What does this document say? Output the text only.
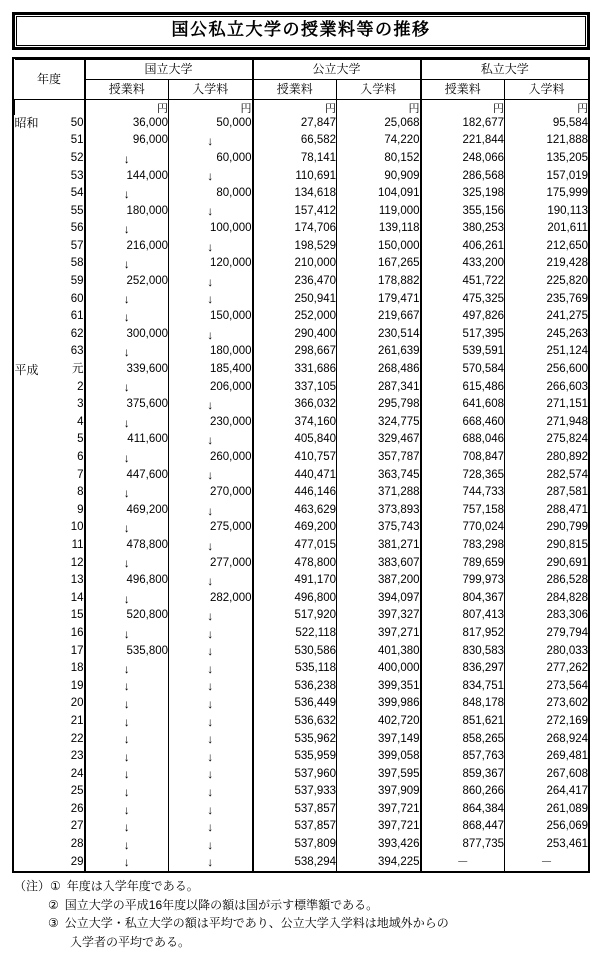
国公私立大学の授業料等の推移
年度		国立大学		公立大学		私立大学	
		授業料	入学料	授業料	入学料	授業料	入学料
		円	円	円	円	円	円
昭和	50	36,000	50,000	27,847	25,068	182,677	95,584
	51	96,000	↓	66,582	74,220	221,844	121,888
	52	↓	60,000	78,141	80,152	248,066	135,205
	53	144,000	↓	110,691	90,909	286,568	157,019
	54	↓	80,000	134,618	104,091	325,198	175,999
	55	180,000	↓	157,412	119,000	355,156	190,113
	56	↓	100,000	174,706	139,118	380,253	201,611
	57	216,000	↓	198,529	150,000	406,261	212,650
	58	↓	120,000	210,000	167,265	433,200	219,428
	59	252,000	↓	236,470	178,882	451,722	225,820
	60	↓	↓	250,941	179,471	475,325	235,769
	61	↓	150,000	252,000	219,667	497,826	241,275
	62	300,000	↓	290,400	230,514	517,395	245,263
	63	↓	180,000	298,667	261,639	539,591	251,124
平成	元	339,600	185,400	331,686	268,486	570,584	256,600
	2	↓	206,000	337,105	287,341	615,486	266,603
	3	375,600	↓	366,032	295,798	641,608	271,151
	4	↓	230,000	374,160	324,775	668,460	271,948
	5	411,600	↓	405,840	329,467	688,046	275,824
	6	↓	260,000	410,757	357,787	708,847	280,892
	7	447,600	↓	440,471	363,745	728,365	282,574
	8	↓	270,000	446,146	371,288	744,733	287,581
	9	469,200	↓	463,629	373,893	757,158	288,471
	10	↓	275,000	469,200	375,743	770,024	290,799
	11	478,800	↓	477,015	381,271	783,298	290,815
	12	↓	277,000	478,800	383,607	789,659	290,691
	13	496,800	↓	491,170	387,200	799,973	286,528
	14	↓	282,000	496,800	394,097	804,367	284,828
	15	520,800	↓	517,920	397,327	807,413	283,306
	16	↓	↓	522,118	397,271	817,952	279,794
	17	535,800	↓	530,586	401,380	830,583	280,033
	18	↓	↓	535,118	400,000	836,297	277,262
	19	↓	↓	536,238	399,351	834,751	273,564
	20	↓	↓	536,449	399,986	848,178	273,602
	21	↓	↓	536,632	402,720	851,621	272,169
	22	↓	↓	535,962	397,149	858,265	268,924
	23	↓	↓	535,959	399,058	857,763	269,481
	24	↓	↓	537,960	397,595	859,367	267,608
	25	↓	↓	537,933	397,909	860,266	264,417
	26	↓	↓	537,857	397,721	864,384	261,089
	27	↓	↓	537,857	397,721	868,447	256,069
	28	↓	↓	537,809	393,426	877,735	253,461
	29	↓	↓	538,294	394,225	－	－
（注） ① 年度は入学年度である。
② 国立大学の平成16年度以降の額は国が示す標準額である。
③ 公立大学・私立大学の額は平均であり、公立大学入学料は地域外からの
入学者の平均である。
